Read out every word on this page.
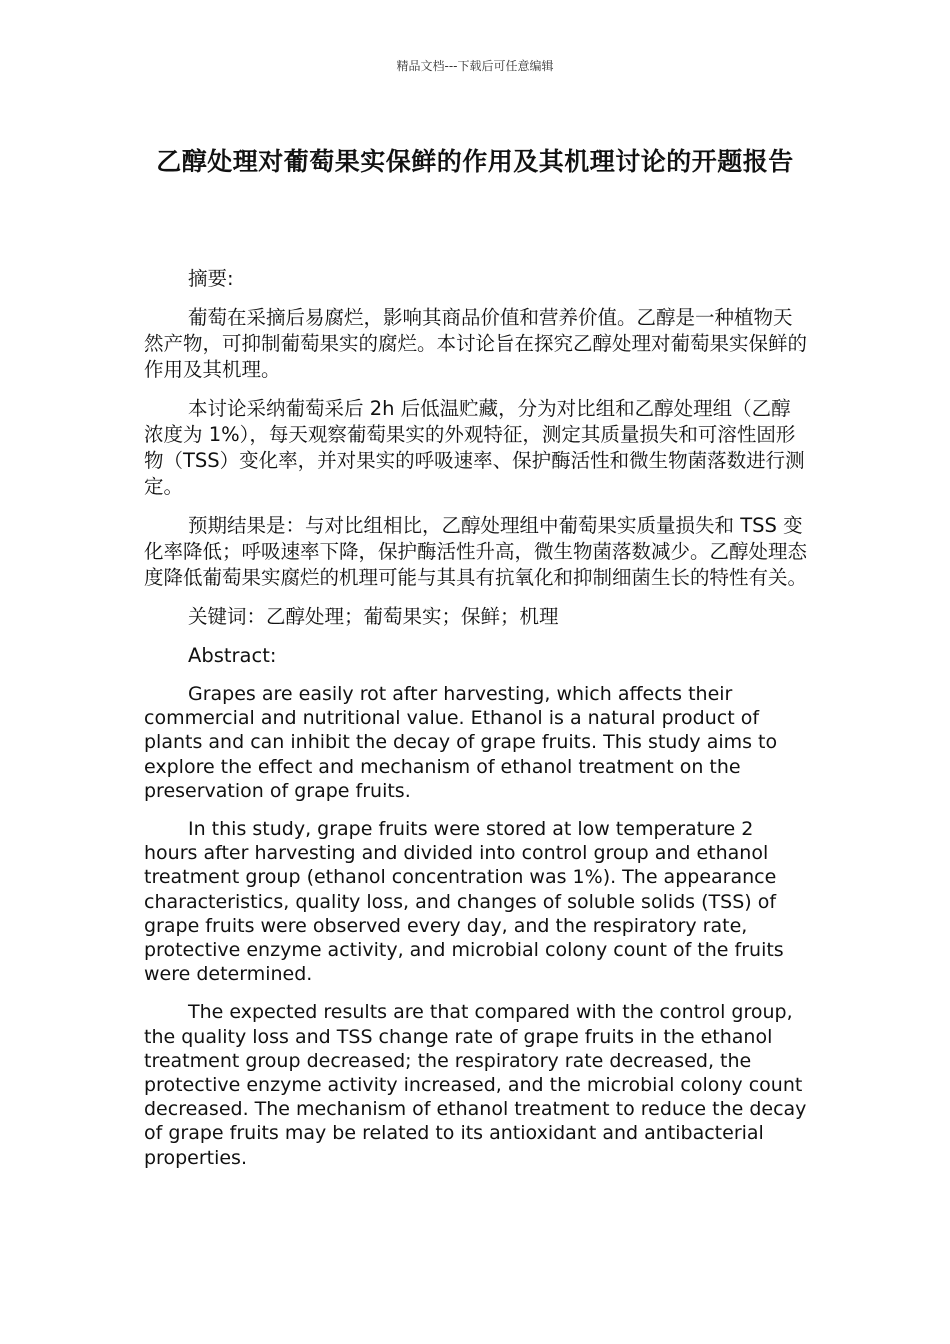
精品文档---下载后可任意编辑
乙醇处理对葡萄果实保鲜的作用及其机理讨论的开题报告

摘要:

葡萄在采摘后易腐烂，影响其商品价值和营养价值。乙醇是一种植物天然产物，可抑制葡萄果实的腐烂。本讨论旨在探究乙醇处理对葡萄果实保鲜的作用及其机理。

本讨论采纳葡萄采后 2h 后低温贮藏，分为对比组和乙醇处理组（乙醇浓度为 1%），每天观察葡萄果实的外观特征，测定其质量损失和可溶性固形物（TSS）变化率，并对果实的呼吸速率、保护酶活性和微生物菌落数进行测定。

预期结果是：与对比组相比，乙醇处理组中葡萄果实质量损失和 TSS 变化率降低；呼吸速率下降，保护酶活性升高，微生物菌落数减少。乙醇处理态度降低葡萄果实腐烂的机理可能与其具有抗氧化和抑制细菌生长的特性有关。

关键词：乙醇处理；葡萄果实；保鲜；机理

Abstract:

Grapes are easily rot after harvesting, which affects their commercial and nutritional value. Ethanol is a natural product of plants and can inhibit the decay of grape fruits. This study aims to explore the effect and mechanism of ethanol treatment on the preservation of grape fruits.

In this study, grape fruits were stored at low temperature 2 hours after harvesting and divided into control group and ethanol treatment group (ethanol concentration was 1%). The appearance characteristics, quality loss, and changes of soluble solids (TSS) of grape fruits were observed every day, and the respiratory rate, protective enzyme activity, and microbial colony count of the fruits were determined.

The expected results are that compared with the control group, the quality loss and TSS change rate of grape fruits in the ethanol treatment group decreased; the respiratory rate decreased, the protective enzyme activity increased, and the microbial colony count decreased. The mechanism of ethanol treatment to reduce the decay of grape fruits may be related to its antioxidant and antibacterial properties.
